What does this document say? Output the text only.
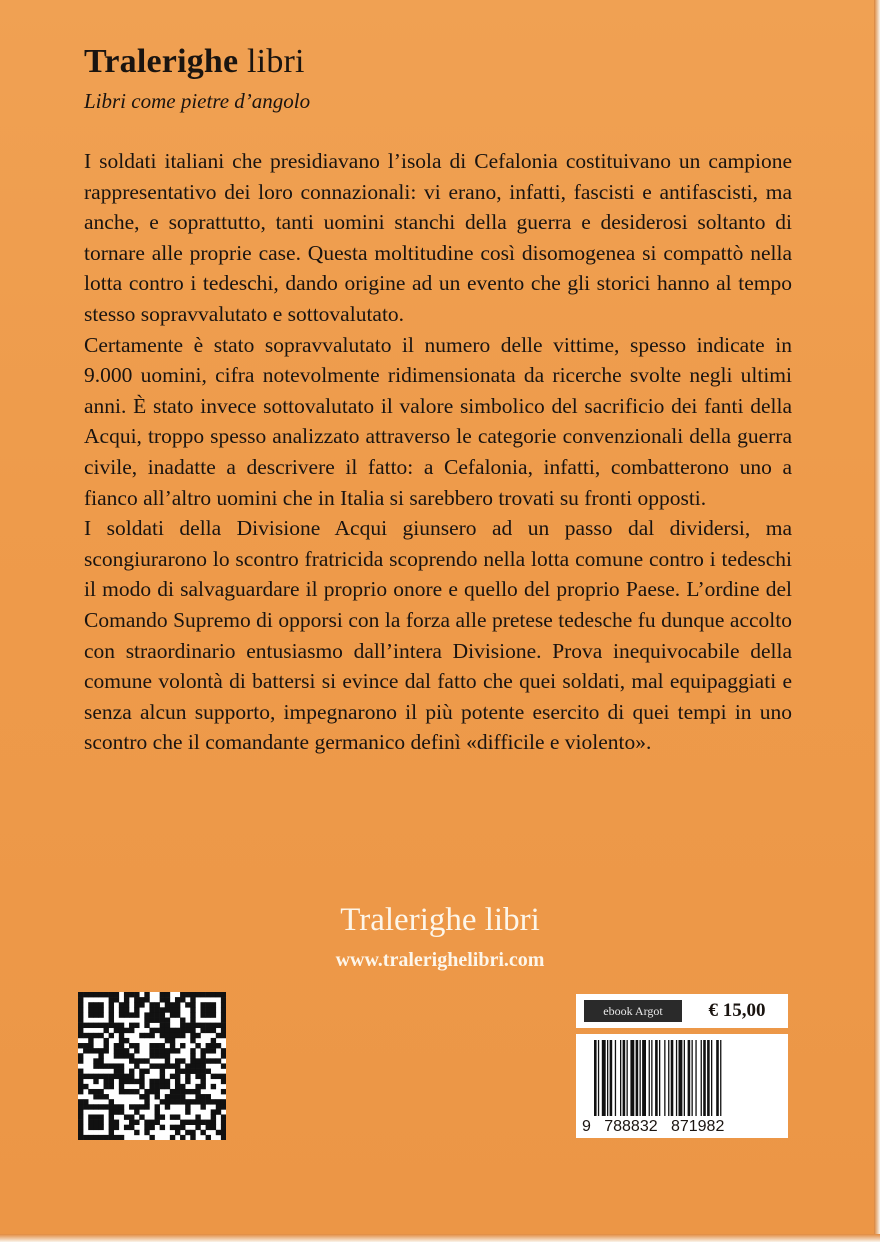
Tralerighe libri
Libri come pietre d’angolo

I soldati italiani che presidiavano l’isola di Cefalonia costituivano un campione rappresentativo dei loro connazionali: vi erano, infatti, fascisti e antifascisti, ma anche, e soprattutto, tanti uomini stanchi della guerra e desiderosi soltanto di tornare alle proprie case. Questa moltitudine così disomogenea si compattò nella lotta contro i tedeschi, dando origine ad un evento che gli storici hanno al tempo stesso sopravvalutato e sottovalutato.

Certamente è stato sopravvalutato il numero delle vittime, spesso indicate in 9.000 uomini, cifra notevolmente ridimensionata da ricerche svolte negli ultimi anni. È stato invece sottovalutato il valore simbolico del sacrificio dei fanti della Acqui, troppo spesso analizzato attraverso le categorie convenzionali della guerra civile, inadatte a descrivere il fatto: a Cefalonia, infatti, combatterono uno a fianco all’altro uomini che in Italia si sarebbero trovati su fronti opposti.

I soldati della Divisione Acqui giunsero ad un passo dal dividersi, ma scongiurarono lo scontro fratricida scoprendo nella lotta comune contro i tedeschi il modo di salvaguardare il proprio onore e quello del proprio Paese. L’ordine del Comando Supremo di opporsi con la forza alle pretese tedesche fu dunque accolto con straordinario entusiasmo dall’intera Divisione. Prova inequivocabile della comune volontà di battersi si evince dal fatto che quei soldati, mal equipaggiati e senza alcun supporto, impegnarono il più potente esercito di quei tempi in uno scontro che il comandante germanico definì «difficile e violento».

Tralerighe libri
www.tralerighelibri.com
ebook Argot	€ 15,00
9   788832   871982
